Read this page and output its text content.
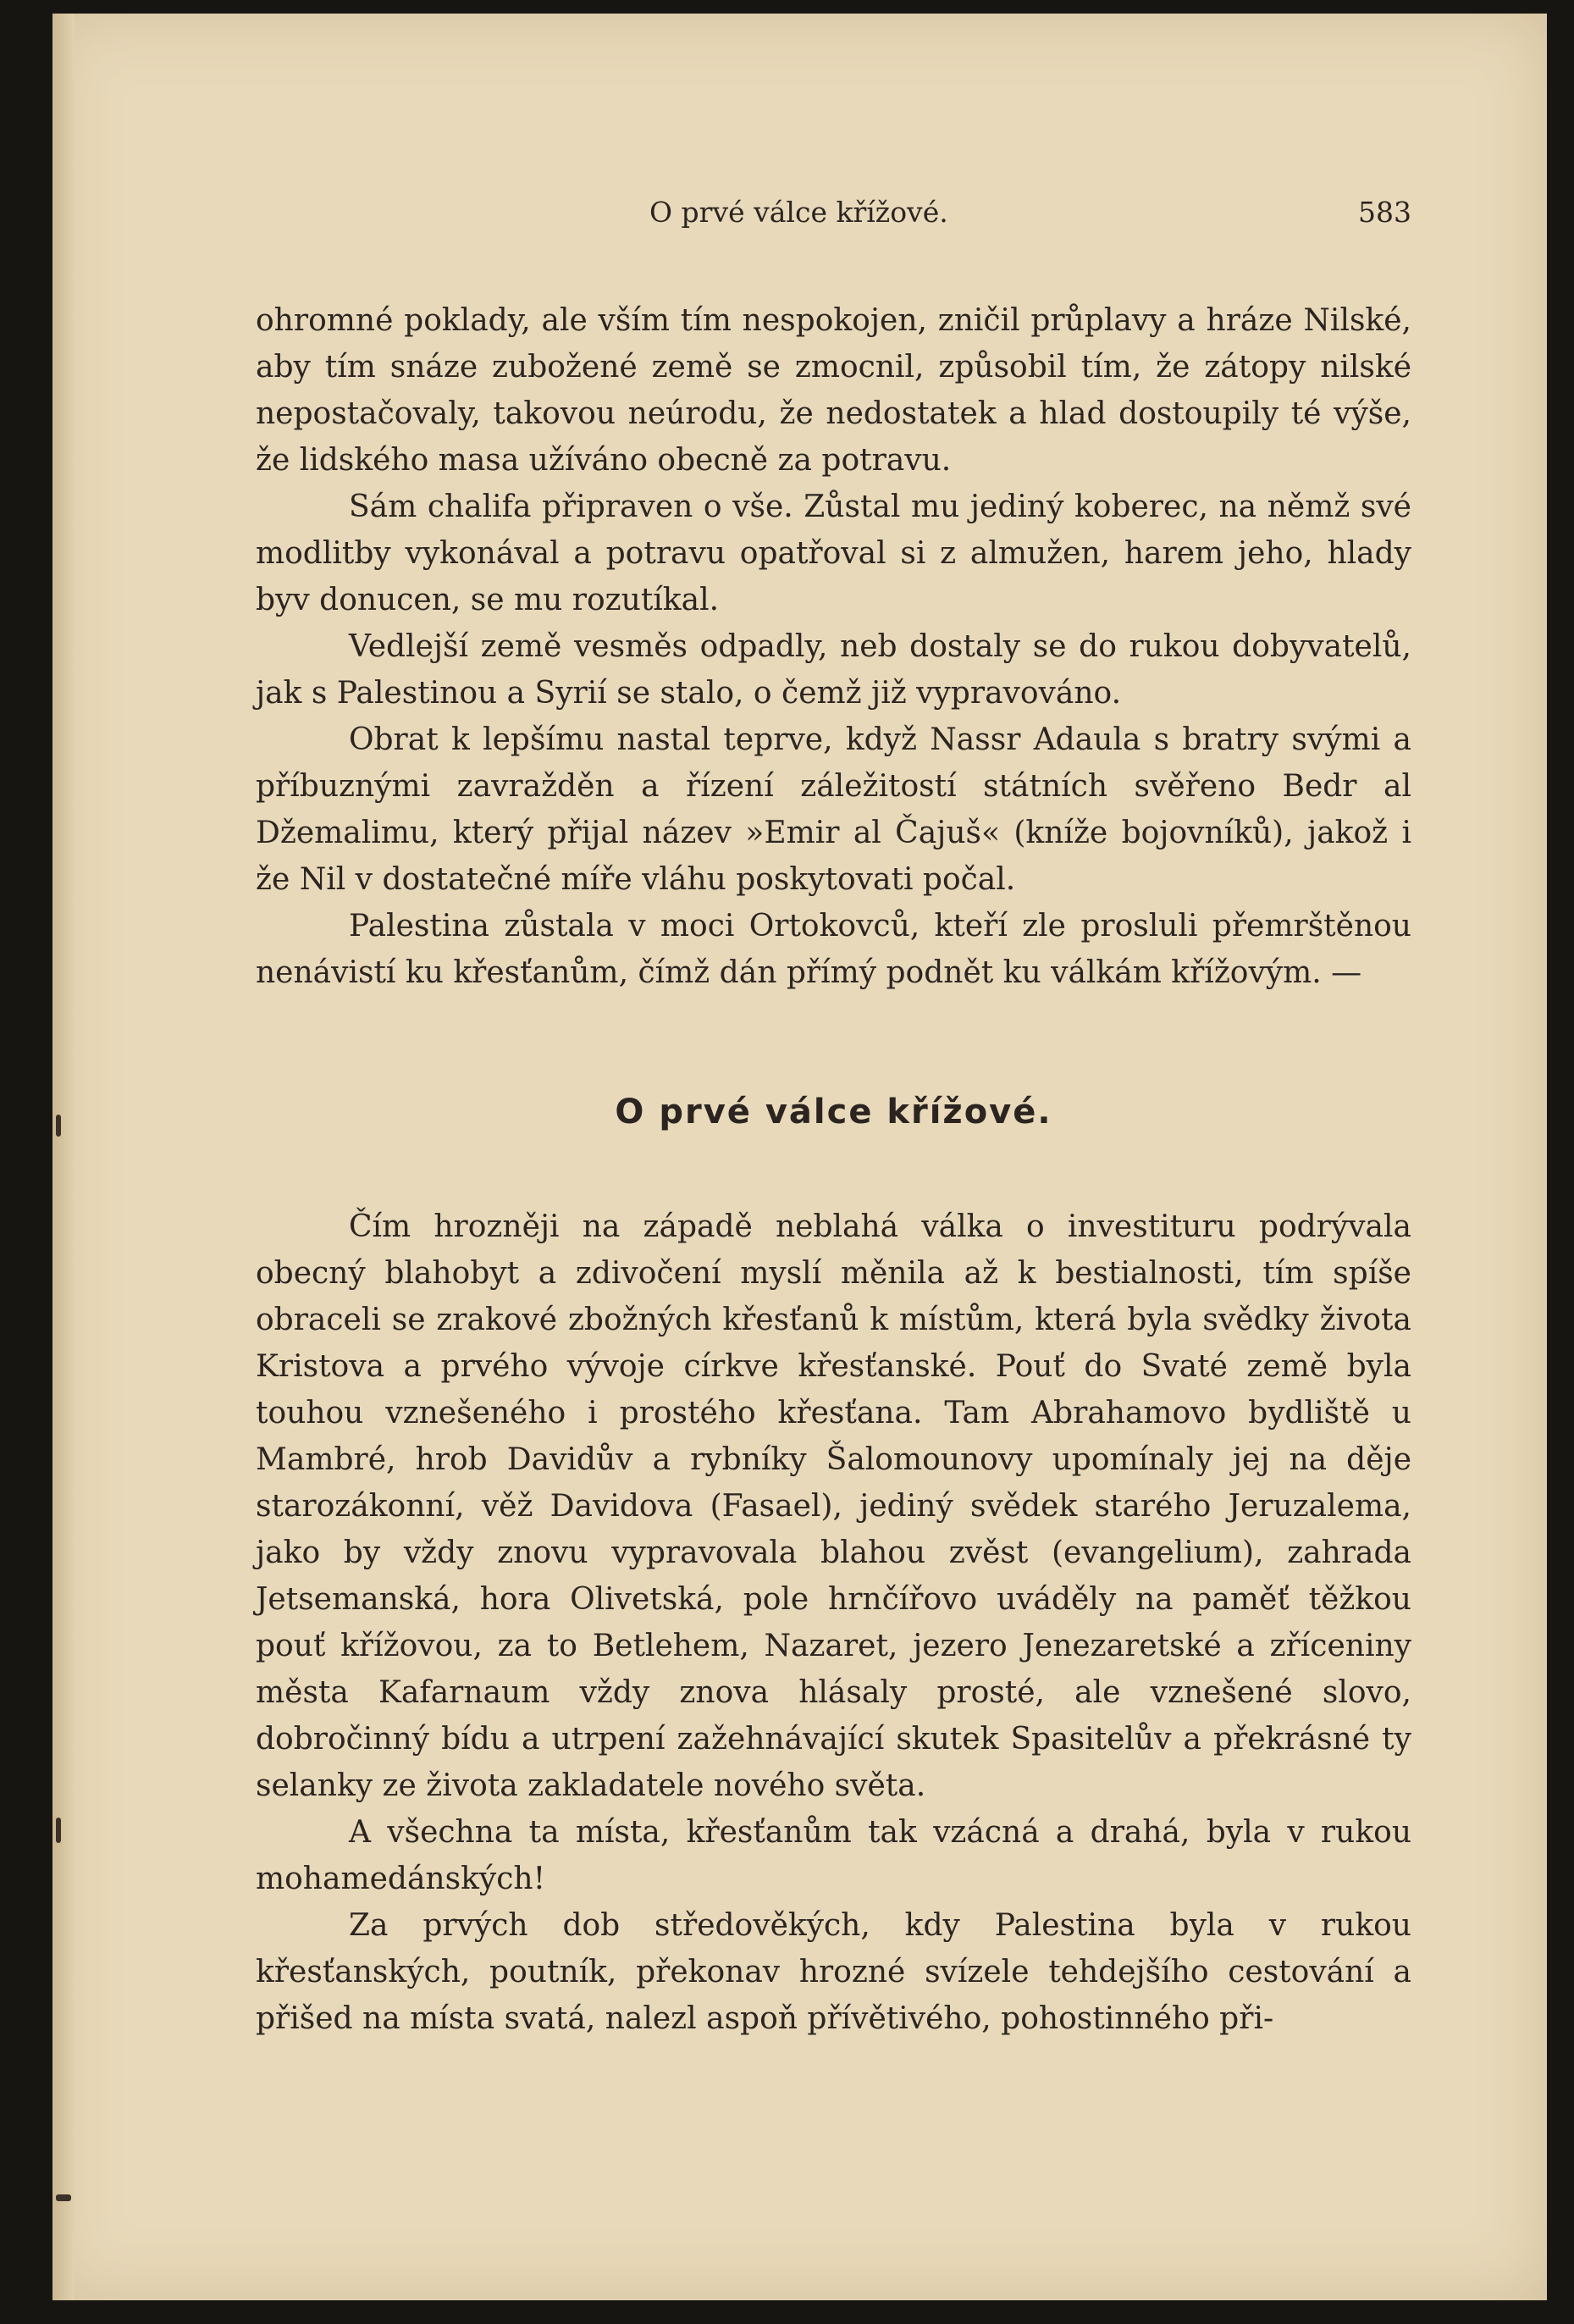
O prvé válce křížové.	583

ohromné poklady, ale vším tím nespokojen, zničil průplavy a hráze Nilské, aby tím snáze zubožené země se zmocnil, způsobil tím, že zátopy nilské nepostačovaly, takovou neúrodu, že nedostatek a hlad dostoupily té výše, že lidského masa užíváno obecně za potravu.

Sám chalifa připraven o vše. Zůstal mu jediný koberec, na němž své modlitby vykonával a potravu opatřoval si z almužen, harem jeho, hlady byv donucen, se mu rozutíkal.

Vedlejší země vesměs odpadly, neb dostaly se do rukou dobyvatelů, jak s Palestinou a Syrií se stalo, o čemž již vypravováno.

Obrat k lepšímu nastal teprve, když Nassr Adaula s bratry svými a příbuznými zavražděn a řízení záležitostí státních svěřeno Bedr al Džemalimu, který přijal název »Emir al Čajuš« (kníže bojovníků), jakož i že Nil v dostatečné míře vláhu poskytovati počal.

Palestina zůstala v moci Ortokovců, kteří zle prosluli přemrštěnou nenávistí ku křesťanům, čímž dán přímý podnět ku válkám křížovým. —

O prvé válce křížové.

Čím hrozněji na západě neblahá válka o investituru podrývala obecný blahobyt a zdivočení myslí měnila až k bestialnosti, tím spíše obraceli se zrakové zbožných křesťanů k místům, která byla svědky života Kristova a prvého vývoje církve křesťanské. Pouť do Svaté země byla touhou vznešeného i prostého křesťana. Tam Abrahamovo bydliště u Mambré, hrob Davidův a rybníky Šalomounovy upomínaly jej na děje starozákonní, věž Davidova (Fasael), jediný svědek starého Jeruzalema, jako by vždy znovu vypravovala blahou zvěst (evangelium), zahrada Jetsemanská, hora Olivetská, pole hrnčířovo uváděly na paměť těžkou pouť křížovou, za to Betlehem, Nazaret, jezero Jenezaretské a zříceniny města Kafarnaum vždy znova hlásaly prosté, ale vznešené slovo, dobročinný bídu a utrpení zažehnávající skutek Spasitelův a překrásné ty selanky ze života zakladatele nového světa.

A všechna ta místa, křesťanům tak vzácná a drahá, byla v rukou mohamedánských!

Za prvých dob středověkých, kdy Palestina byla v rukou křesťanských, poutník, překonav hrozné svízele tehdejšího cestování a přišed na místa svatá, nalezl aspoň přívětivého, pohostinného při-
